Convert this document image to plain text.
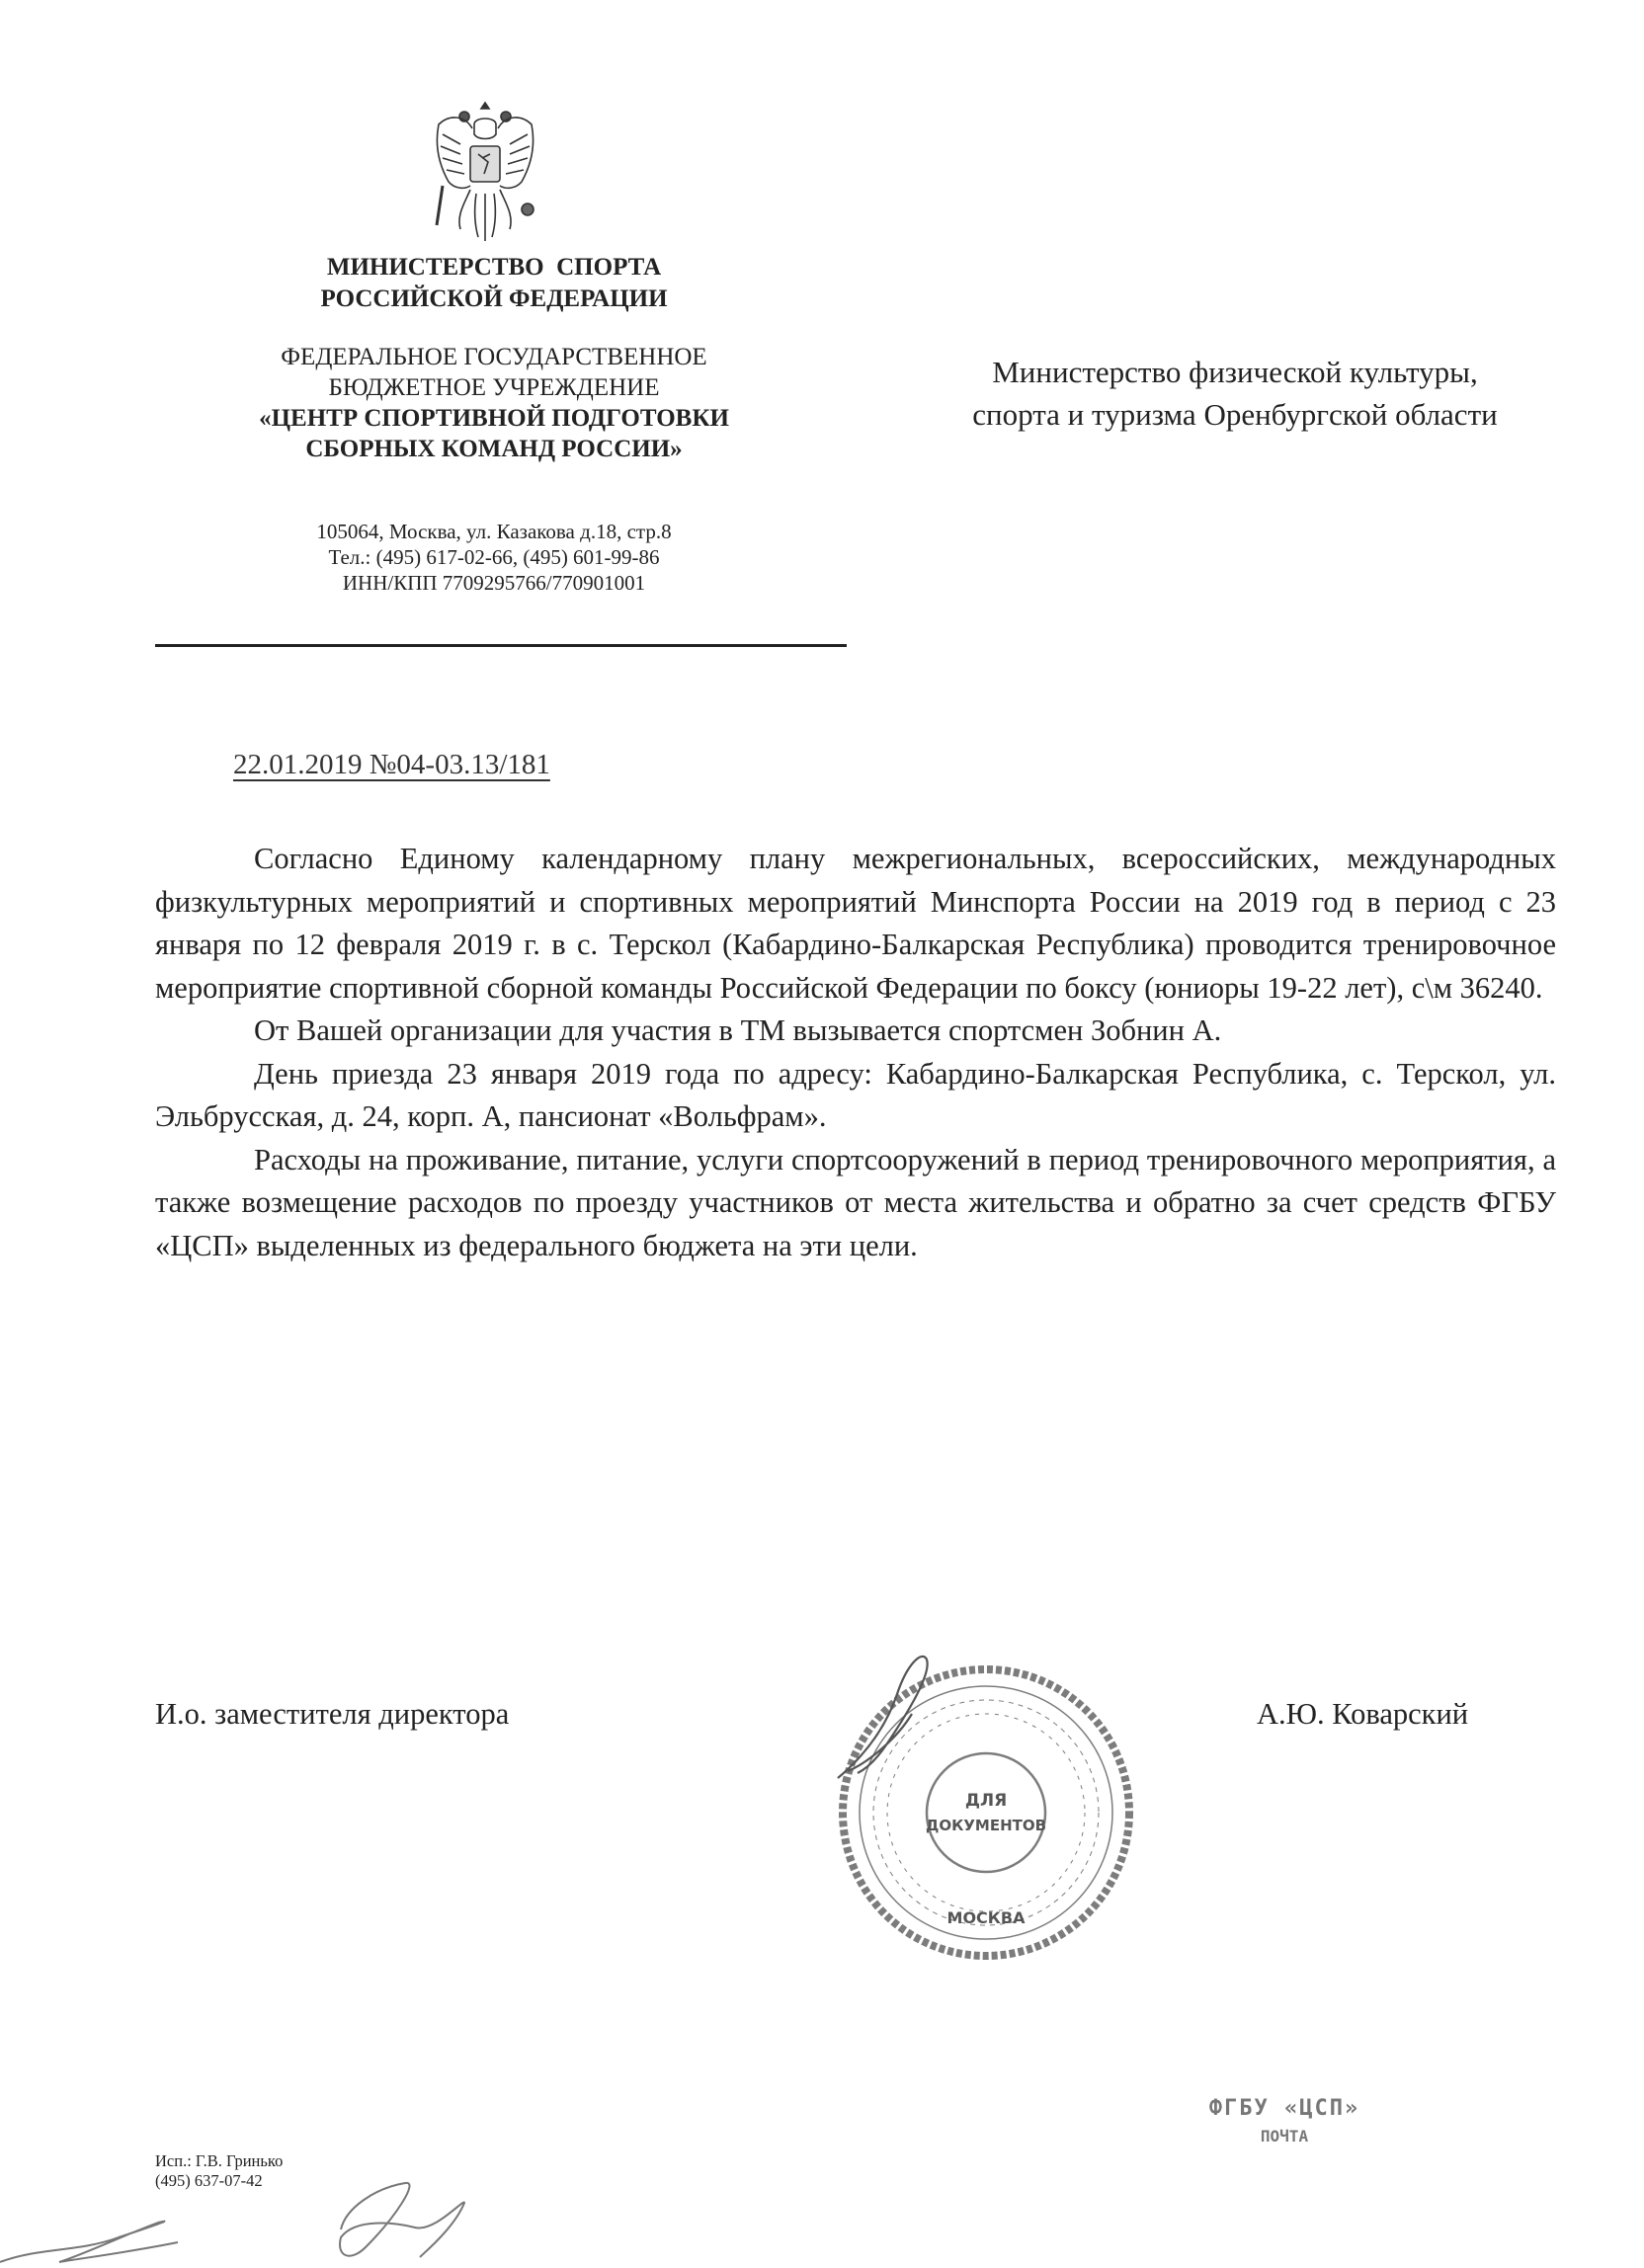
МИНИСТЕРСТВО  СПОРТА
РОССИЙСКОЙ ФЕДЕРАЦИИ
ФЕДЕРАЛЬНОЕ ГОСУДАРСТВЕННОЕ
БЮДЖЕТНОЕ УЧРЕЖДЕНИЕ
«ЦЕНТР СПОРТИВНОЙ ПОДГОТОВКИ
СБОРНЫХ КОМАНД РОССИИ»
105064, Москва, ул. Казакова д.18, стр.8
Тел.: (495) 617-02-66, (495) 601-99-86
ИНН/КПП 7709295766/770901001
Министерство физической культуры,
спорта и туризма Оренбургской области
22.01.2019 №04-03.13/181

Согласно Единому календарному плану межрегиональных, всероссийских, международных физкультурных мероприятий и спортивных мероприятий Минспорта России на 2019 год в период с 23 января по 12 февраля 2019 г. в с. Терскол (Кабардино-Балкарская Республика) проводится тренировочное мероприятие спортивной сборной команды Российской Федерации по боксу (юниоры 19-22 лет), с\м 36240.

От Вашей организации для участия в ТМ вызывается спортсмен Зобнин А.

День приезда 23 января 2019 года по адресу: Кабардино-Балкарская Республика, с. Терскол, ул. Эльбрусская, д. 24, корп. А, пансионат «Вольфрам».

Расходы на проживание, питание, услуги спортсооружений в период тренировочного мероприятия, а также возмещение расходов по проезду участников от места жительства и обратно за счет средств ФГБУ «ЦСП» выделенных из федерального бюджета на эти цели.

И.о. заместителя директора	А.Ю. Коварский
ДЛЯ
ДОКУМЕНТОВ
МОСКВА
ФГБУ «ЦСП»
ПОЧТА
Исп.: Г.В. Гринько
(495) 637-07-42
